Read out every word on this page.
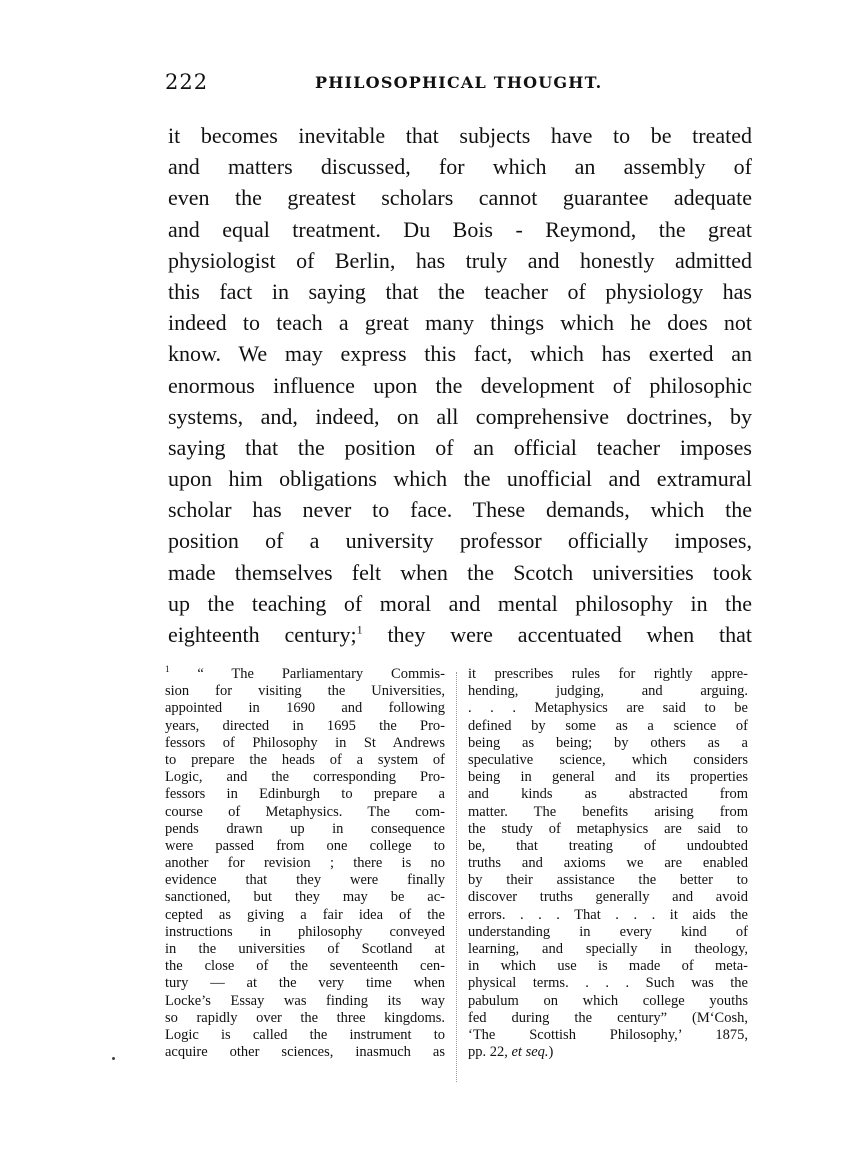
222	PHILOSOPHICAL THOUGHT.
it becomes inevitable that subjects have to be treated
and matters discussed, for which an assembly of
even the greatest scholars cannot guarantee adequate
and equal treatment. Du Bois - Reymond, the great
physiologist of Berlin, has truly and honestly admitted
this fact in saying that the teacher of physiology has
indeed to teach a great many things which he does not
know. We may express this fact, which has exerted an
enormous influence upon the development of philosophic
systems, and, indeed, on all comprehensive doctrines, by
saying that the position of an official teacher imposes
upon him obligations which the unofficial and extramural
scholar has never to face. These demands, which the
position of a university professor officially imposes,
made themselves felt when the Scotch universities took
up the teaching of moral and mental philosophy in the
eighteenth century;$^1$ they were accentuated when that
$^1$ “ The Parliamentary Commis-
sion for visiting the Universities,
appointed in 1690 and following
years, directed in 1695 the Pro-
fessors of Philosophy in St Andrews
to prepare the heads of a system of
Logic, and the corresponding Pro-
fessors in Edinburgh to prepare a
course of Metaphysics. The com-
pends drawn up in consequence
were passed from one college to
another for revision ; there is no
evidence that they were finally
sanctioned, but they may be ac-
cepted as giving a fair idea of the
instructions in philosophy conveyed
in the universities of Scotland at
the close of the seventeenth cen-
tury — at the very time when
Locke’s Essay was finding its way
so rapidly over the three kingdoms.
Logic is called the instrument to
acquire other sciences, inasmuch as
it prescribes rules for rightly appre-
hending, judging, and arguing.
. . . Metaphysics are said to be
defined by some as a science of
being as being; by others as a
speculative science, which considers
being in general and its properties
and kinds as abstracted from
matter. The benefits arising from
the study of metaphysics are said to
be, that treating of undoubted
truths and axioms we are enabled
by their assistance the better to
discover truths generally and avoid
errors. . . . That . . . it aids the
understanding in every kind of
learning, and specially in theology,
in which use is made of meta-
physical terms. . . . Such was the
pabulum on which college youths
fed during the century” (M‘Cosh,
‘The Scottish Philosophy,’ 1875,
pp. 22, et seq.)
